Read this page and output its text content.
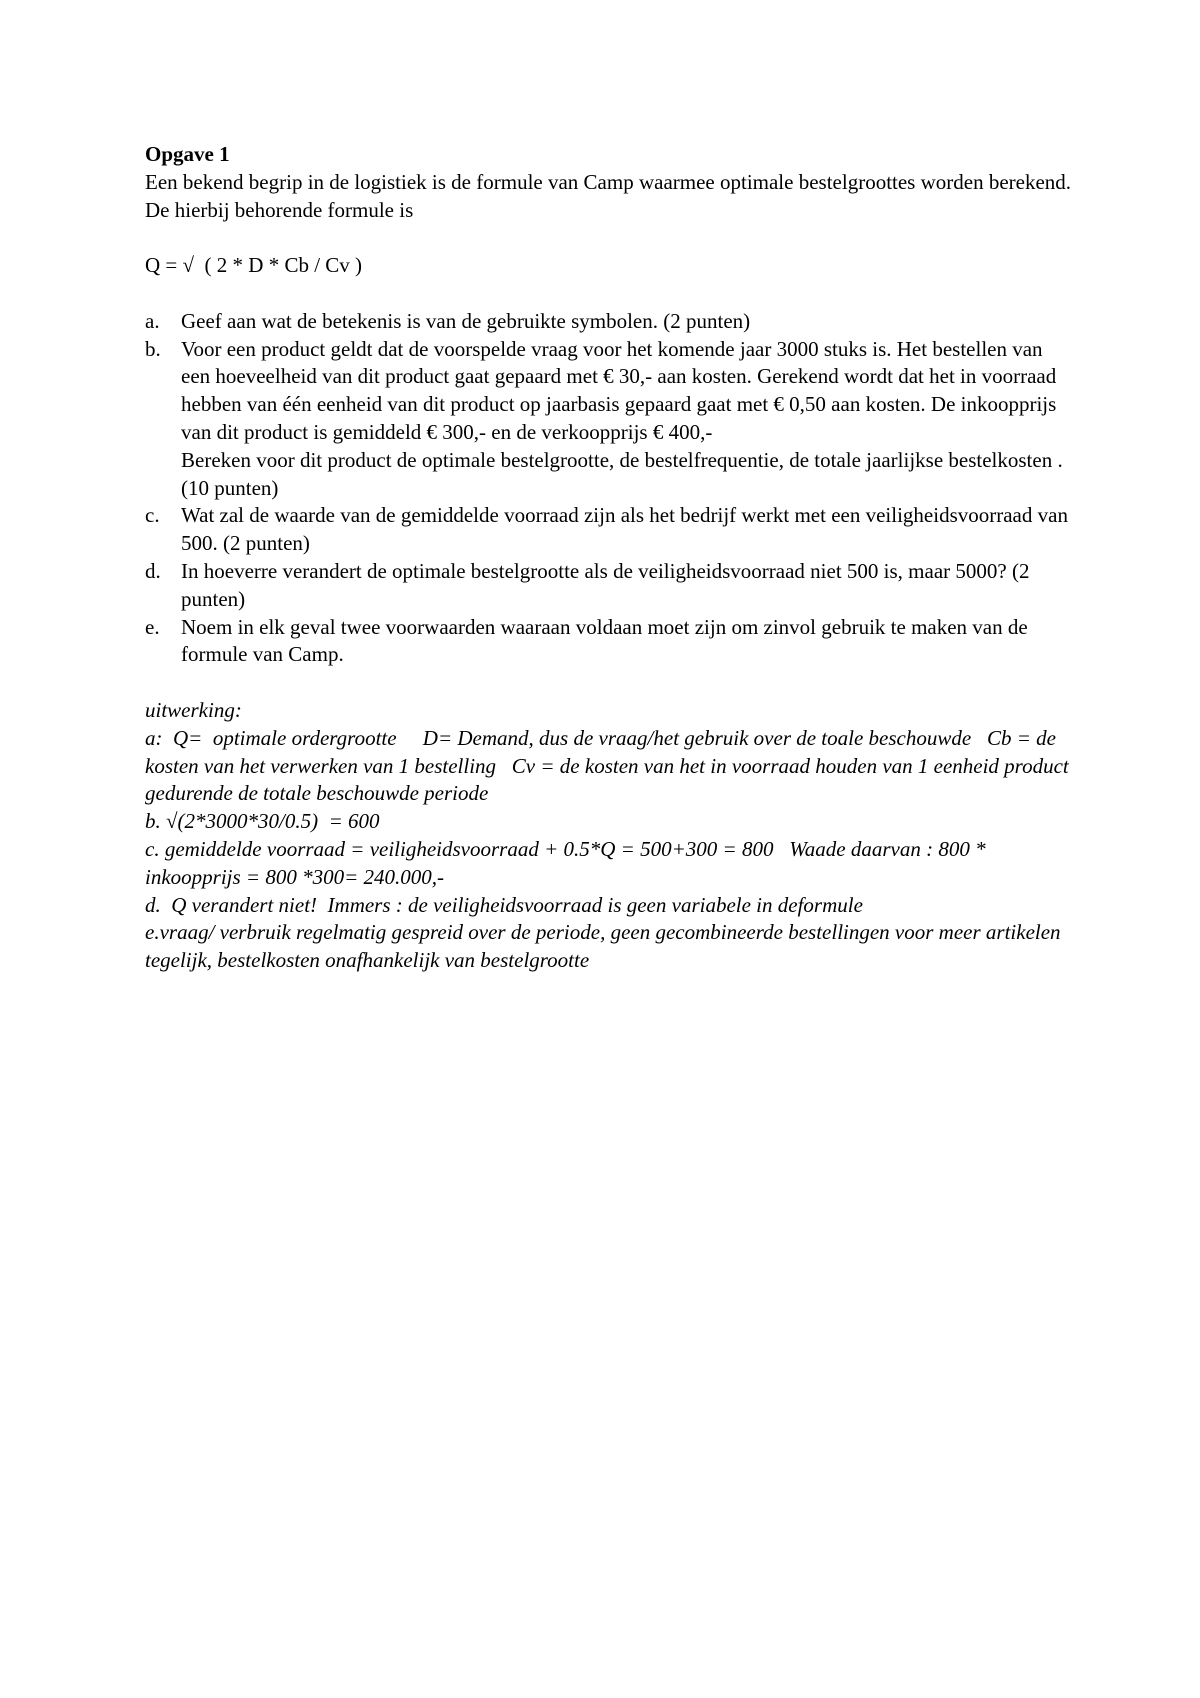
Opgave 1

Een bekend begrip in de logistiek is de formule van Camp waarmee optimale bestelgroottes worden berekend. De hierbij behorende formule is

Q = √  ( 2 * D * Cb / Cv )

a.	Geef aan wat de betekenis is van de gebruikte symbolen. (2 punten)
b. Voor een product geldt dat de voorspelde vraag voor het komende jaar 3000 stuks is. Het bestellen van een hoeveelheid van dit product gaat gepaard met € 30,- aan kosten. Gerekend wordt dat het in voorraad hebben van één eenheid van dit product op jaarbasis gepaard gaat met € 0,50 aan kosten. De inkoopprijs van dit product is gemiddeld € 300,- en de verkoopprijs € 400,-
Bereken voor dit product de optimale bestelgrootte, de bestelfrequentie, de totale jaarlijkse bestelkosten . (10 punten)
c.	Wat zal de waarde van de gemiddelde voorraad zijn als het bedrijf werkt met een veiligheidsvoorraad van 500. (2 punten)
d. In hoeverre verandert de optimale bestelgrootte als de veiligheidsvoorraad niet 500 is, maar 5000? (2 punten)
e.	Noem in elk geval twee voorwaarden waaraan voldaan moet zijn om zinvol gebruik te maken van de formule van Camp.
uitwerking:
a:  Q=  optimale ordergrootte     D= Demand, dus de vraag/het gebruik over de toale beschouwde   Cb = de kosten van het verwerken van 1 bestelling   Cv = de kosten van het in voorraad houden van 1 eenheid product gedurende de totale beschouwde periode
b. √(2*3000*30/0.5)  = 600
c. gemiddelde voorraad = veiligheidsvoorraad + 0.5*Q = 500+300 = 800   Waade daarvan : 800 * inkoopprijs = 800 *300= 240.000,-
d.  Q verandert niet!  Immers : de veiligheidsvoorraad is geen variabele in deformule
e.vraag/ verbruik regelmatig gespreid over de periode, geen gecombineerde bestellingen voor meer artikelen tegelijk, bestelkosten onafhankelijk van bestelgrootte
